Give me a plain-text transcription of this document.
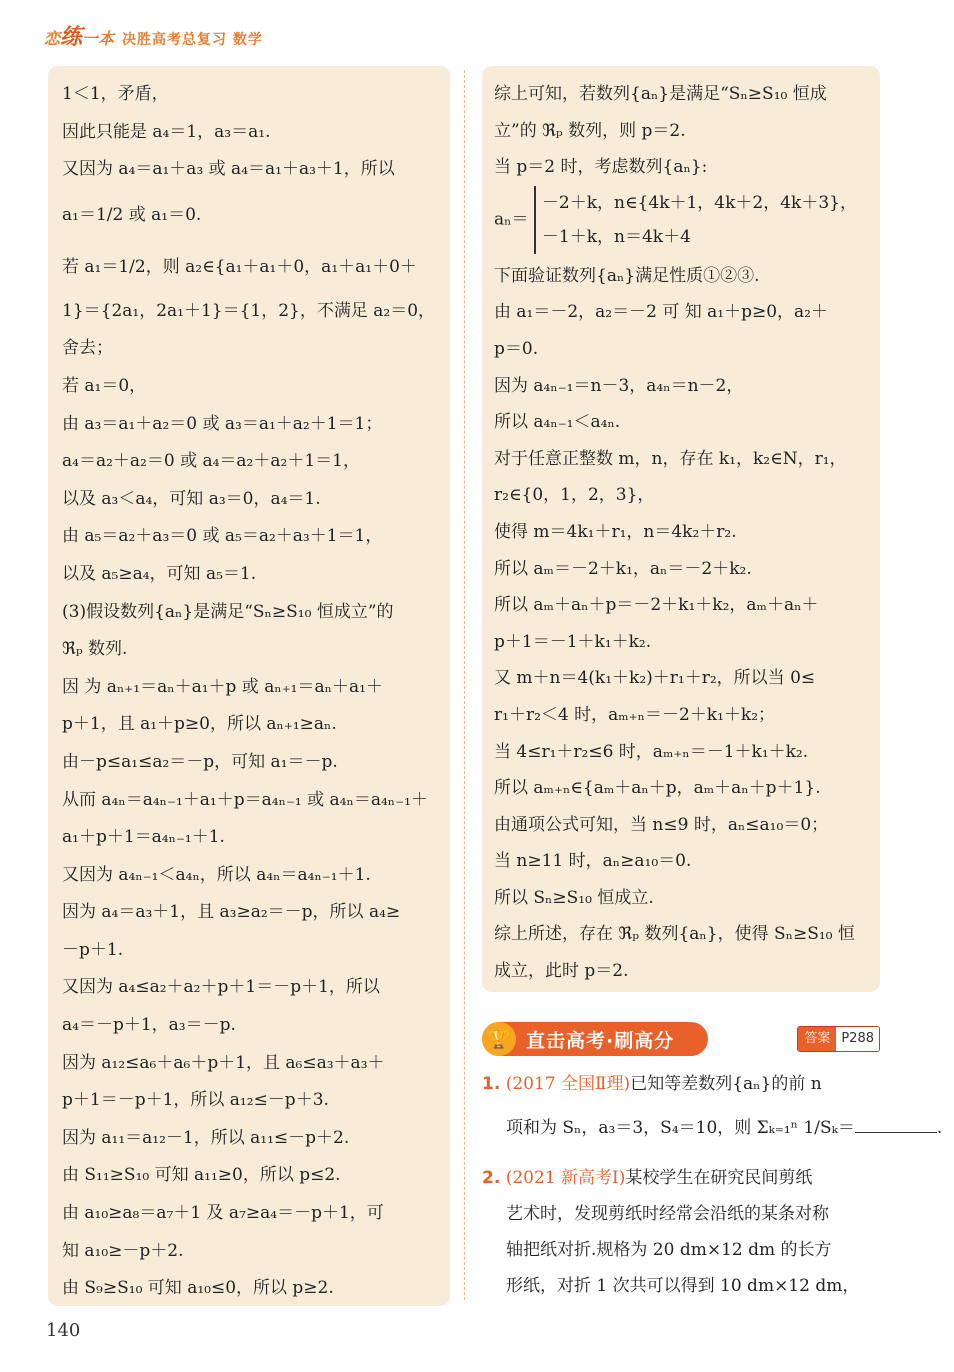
恋练一本 决胜高考总复习 数学
1＜1，矛盾，
因此只能是 a₄＝1，a₃＝a₁.
又因为 a₄＝a₁＋a₃ 或 a₄＝a₁＋a₃＋1，所以
a₁＝1/2 或 a₁＝0.
若 a₁＝1/2，则 a₂∈{a₁＋a₁＋0，a₁＋a₁＋0＋
1}＝{2a₁，2a₁＋1}＝{1，2}，不满足 a₂＝0，
舍去；
若 a₁＝0，
由 a₃＝a₁＋a₂＝0 或 a₃＝a₁＋a₂＋1＝1；
a₄＝a₂＋a₂＝0 或 a₄＝a₂＋a₂＋1＝1，
以及 a₃＜a₄，可知 a₃＝0，a₄＝1.
由 a₅＝a₂＋a₃＝0 或 a₅＝a₂＋a₃＋1＝1，
以及 a₅≥a₄，可知 a₅＝1.
(3)假设数列{aₙ}是满足“Sₙ≥S₁₀ 恒成立”的
ℜₚ 数列.
因 为 aₙ₊₁＝aₙ＋a₁＋p 或 aₙ₊₁＝aₙ＋a₁＋
p＋1，且 a₁＋p≥0，所以 aₙ₊₁≥aₙ.
由－p≤a₁≤a₂＝－p，可知 a₁＝－p.
从而 a₄ₙ＝a₄ₙ₋₁＋a₁＋p＝a₄ₙ₋₁ 或 a₄ₙ＝a₄ₙ₋₁＋
a₁＋p＋1＝a₄ₙ₋₁＋1.
又因为 a₄ₙ₋₁＜a₄ₙ，所以 a₄ₙ＝a₄ₙ₋₁＋1.
因为 a₄＝a₃＋1，且 a₃≥a₂＝－p，所以 a₄≥
－p＋1.
又因为 a₄≤a₂＋a₂＋p＋1＝－p＋1，所以
a₄＝－p＋1，a₃＝－p.
因为 a₁₂≤a₆＋a₆＋p＋1，且 a₆≤a₃＋a₃＋
p＋1＝－p＋1，所以 a₁₂≤－p＋3.
因为 a₁₁＝a₁₂－1，所以 a₁₁≤－p＋2.
由 S₁₁≥S₁₀ 可知 a₁₁≥0，所以 p≤2.
由 a₁₀≥a₈＝a₇＋1 及 a₇≥a₄＝－p＋1，可
知 a₁₀≥－p＋2.
由 S₉≥S₁₀ 可知 a₁₀≤0，所以 p≥2.
综上可知，若数列{aₙ}是满足“Sₙ≥S₁₀ 恒成
立”的 ℜₚ 数列，则 p＝2.
当 p＝2 时，考虑数列{aₙ}:
aₙ＝ －2＋k，n∈{4k＋1，4k＋2，4k＋3}，
－1＋k，n＝4k＋4
下面验证数列{aₙ}满足性质①②③.
由 a₁＝－2，a₂＝－2 可 知 a₁＋p≥0，a₂＋
p＝0.
因为 a₄ₙ₋₁＝n－3，a₄ₙ＝n－2，
所以 a₄ₙ₋₁＜a₄ₙ.
对于任意正整数 m，n，存在 k₁，k₂∈N，r₁，
r₂∈{0，1，2，3}，
使得 m＝4k₁＋r₁，n＝4k₂＋r₂.
所以 aₘ＝－2＋k₁，aₙ＝－2＋k₂.
所以 aₘ＋aₙ＋p＝－2＋k₁＋k₂，aₘ＋aₙ＋
p＋1＝－1＋k₁＋k₂.
又 m＋n＝4(k₁＋k₂)＋r₁＋r₂，所以当 0≤
r₁＋r₂＜4 时，aₘ₊ₙ＝－2＋k₁＋k₂；
当 4≤r₁＋r₂≤6 时，aₘ₊ₙ＝－1＋k₁＋k₂.
所以 aₘ₊ₙ∈{aₘ＋aₙ＋p，aₘ＋aₙ＋p＋1}.
由通项公式可知，当 n≤9 时，aₙ≤a₁₀＝0；
当 n≥11 时，aₙ≥a₁₀＝0.
所以 Sₙ≥S₁₀ 恒成立.
综上所述，存在 ℜₚ 数列{aₙ}，使得 Sₙ≥S₁₀ 恒
成立，此时 p＝2.
🏆 直击高考·刷高分	答案 P288
1. (2017 全国Ⅱ理)已知等差数列{aₙ}的前 n
项和为 Sₙ，a₃＝3，S₄＝10，则 Σₖ₌₁ⁿ 1/Sₖ＝	.
2. (2021 新高考Ⅰ)某校学生在研究民间剪纸
艺术时，发现剪纸时经常会沿纸的某条对称
轴把纸对折.规格为 20 dm×12 dm 的长方
形纸，对折 1 次共可以得到 10 dm×12 dm，
140
